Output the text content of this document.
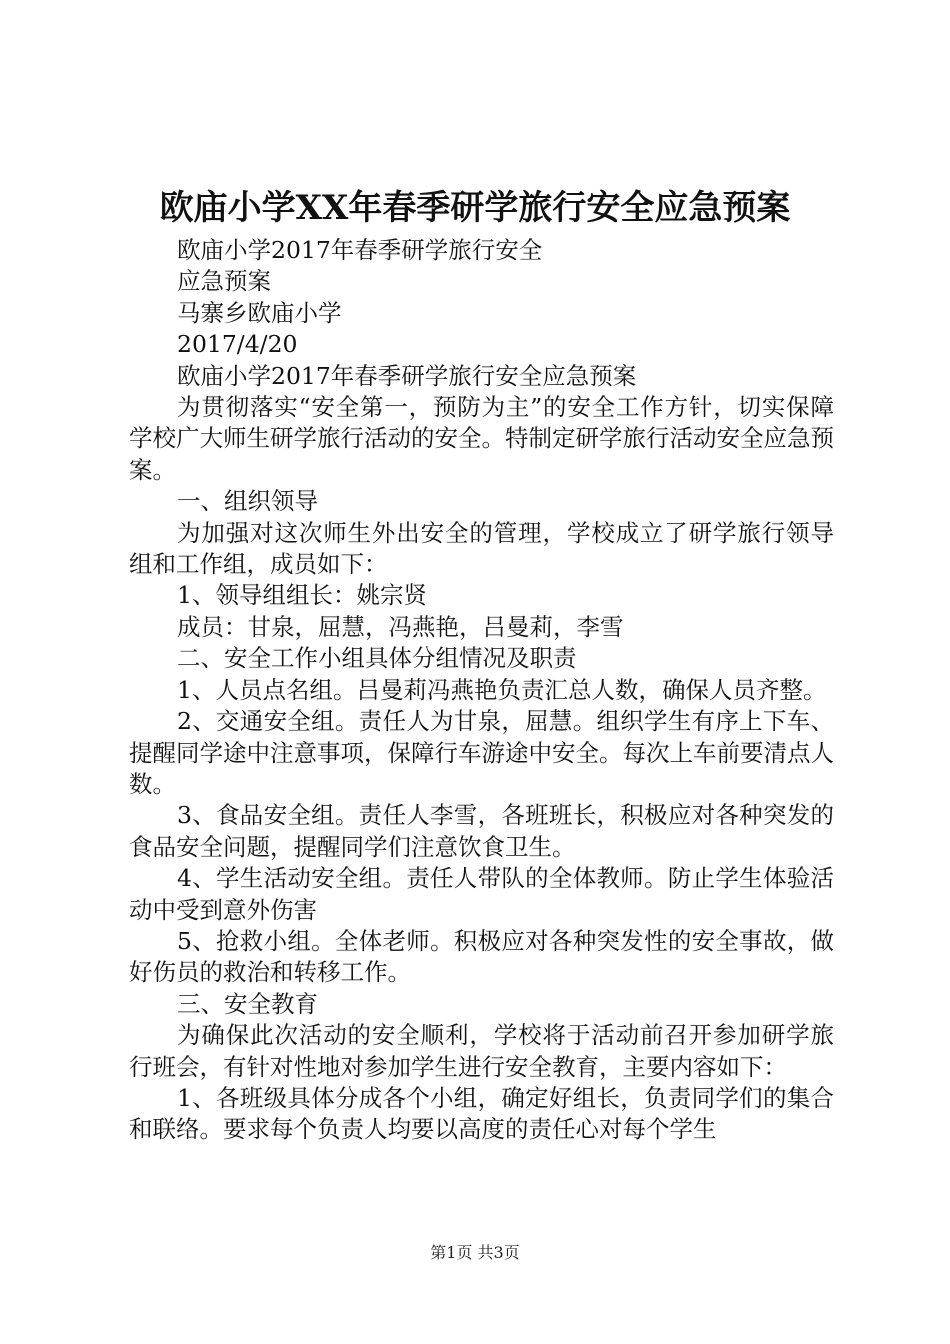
欧庙小学XX年春季研学旅行安全应急预案

欧庙小学2017年春季研学旅行安全

应急预案

马寨乡欧庙小学

2017/4/20

欧庙小学2017年春季研学旅行安全应急预案

为贯彻落实“安全第一，预防为主”的安全工作方针，切实保障学校广大师生研学旅行活动的安全。特制定研学旅行活动安全应急预案。

一、组织领导

为加强对这次师生外出安全的管理，学校成立了研学旅行领导组和工作组，成员如下：

1、领导组组长：姚宗贤

成员：甘泉，屈慧，冯燕艳，吕曼莉，李雪

二、安全工作小组具体分组情况及职责

1、人员点名组。吕曼莉冯燕艳负责汇总人数，确保人员齐整。

2、交通安全组。责任人为甘泉，屈慧。组织学生有序上下车、提醒同学途中注意事项，保障行车游途中安全。每次上车前要清点人数。

3、食品安全组。责任人李雪，各班班长，积极应对各种突发的食品安全问题，提醒同学们注意饮食卫生。

4、学生活动安全组。责任人带队的全体教师。防止学生体验活动中受到意外伤害

5、抢救小组。全体老师。积极应对各种突发性的安全事故，做好伤员的救治和转移工作。

三、安全教育

为确保此次活动的安全顺利，学校将于活动前召开参加研学旅行班会，有针对性地对参加学生进行安全教育，主要内容如下：

1、各班级具体分成各个小组，确定好组长，负责同学们的集合和联络。要求每个负责人均要以高度的责任心对每个学生

第1页 共3页
